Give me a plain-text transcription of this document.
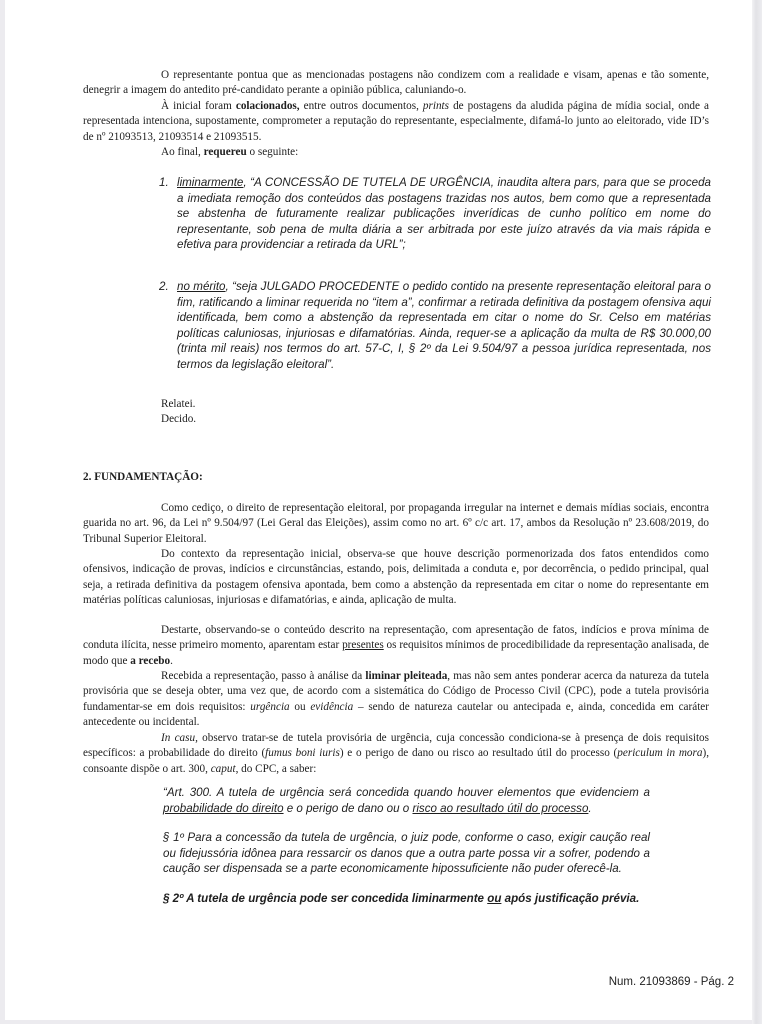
O representante pontua que as mencionadas postagens não condizem com a realidade e visam, apenas e tão somente, denegrir a imagem do antedito pré-candidato perante a opinião pública, caluniando-o.

À inicial foram colacionados, entre outros documentos, prints de postagens da aludida página de mídia social, onde a representada intenciona, supostamente, comprometer a reputação do representante, especialmente, difamá-lo junto ao eleitorado, vide ID’s de nº 21093513, 21093514 e 21093515.

Ao final, requereu o seguinte:

1. liminarmente, “A CONCESSÃO DE TUTELA DE URGÊNCIA, inaudita altera pars, para que se proceda a imediata remoção dos conteúdos das postagens trazidas nos autos, bem como que a representada se abstenha de futuramente realizar publicações inverídicas de cunho político em nome do representante, sob pena de multa diária a ser arbitrada por este juízo através da via mais rápida e efetiva para providenciar a retirada da URL”;
2. no mérito, “seja JULGADO PROCEDENTE o pedido contido na presente representação eleitoral para o fim, ratificando a liminar requerida no “item a”, confirmar a retirada definitiva da postagem ofensiva aqui identificada, bem como a abstenção da representada em citar o nome do Sr. Celso em matérias políticas caluniosas, injuriosas e difamatórias. Ainda, requer-se a aplicação da multa de R$ 30.000,00 (trinta mil reais) nos termos do art. 57-C, I, § 2º da Lei 9.504/97 a pessoa jurídica representada, nos termos da legislação eleitoral”.

Relatei.

Decido.

2. FUNDAMENTAÇÃO:

Como cediço, o direito de representação eleitoral, por propaganda irregular na internet e demais mídias sociais, encontra guarida no art. 96, da Lei nº 9.504/97 (Lei Geral das Eleições), assim como no art. 6º c/c art. 17, ambos da Resolução nº 23.608/2019, do Tribunal Superior Eleitoral.

Do contexto da representação inicial, observa-se que houve descrição pormenorizada dos fatos entendidos como ofensivos, indicação de provas, indícios e circunstâncias, estando, pois, delimitada a conduta e, por decorrência, o pedido principal, qual seja, a retirada definitiva da postagem ofensiva apontada, bem como a abstenção da representada em citar o nome do representante em matérias políticas caluniosas, injuriosas e difamatórias, e ainda, aplicação de multa.

Destarte, observando-se o conteúdo descrito na representação, com apresentação de fatos, indícios e prova mínima de conduta ilícita, nesse primeiro momento, aparentam estar presentes os requisitos mínimos de procedibilidade da representação analisada, de modo que a recebo.

Recebida a representação, passo à análise da liminar pleiteada, mas não sem antes ponderar acerca da natureza da tutela provisória que se deseja obter, uma vez que, de acordo com a sistemática do Código de Processo Civil (CPC), pode a tutela provisória fundamentar-se em dois requisitos: urgência ou evidência – sendo de natureza cautelar ou antecipada e, ainda, concedida em caráter antecedente ou incidental.

In casu, observo tratar-se de tutela provisória de urgência, cuja concessão condiciona-se à presença de dois requisitos específicos: a probabilidade do direito (fumus boni iuris) e o perigo de dano ou risco ao resultado útil do processo (periculum in mora), consoante dispõe o art. 300, caput, do CPC, a saber:

“Art. 300. A tutela de urgência será concedida quando houver elementos que evidenciem a probabilidade do direito e o perigo de dano ou o risco ao resultado útil do processo.

§ 1º Para a concessão da tutela de urgência, o juiz pode, conforme o caso, exigir caução real ou fidejussória idônea para ressarcir os danos que a outra parte possa vir a sofrer, podendo a caução ser dispensada se a parte economicamente hipossuficiente não puder oferecê-la.

§ 2º A tutela de urgência pode ser concedida liminarmente ou após justificação prévia.

Num. 21093869 - Pág. 2
